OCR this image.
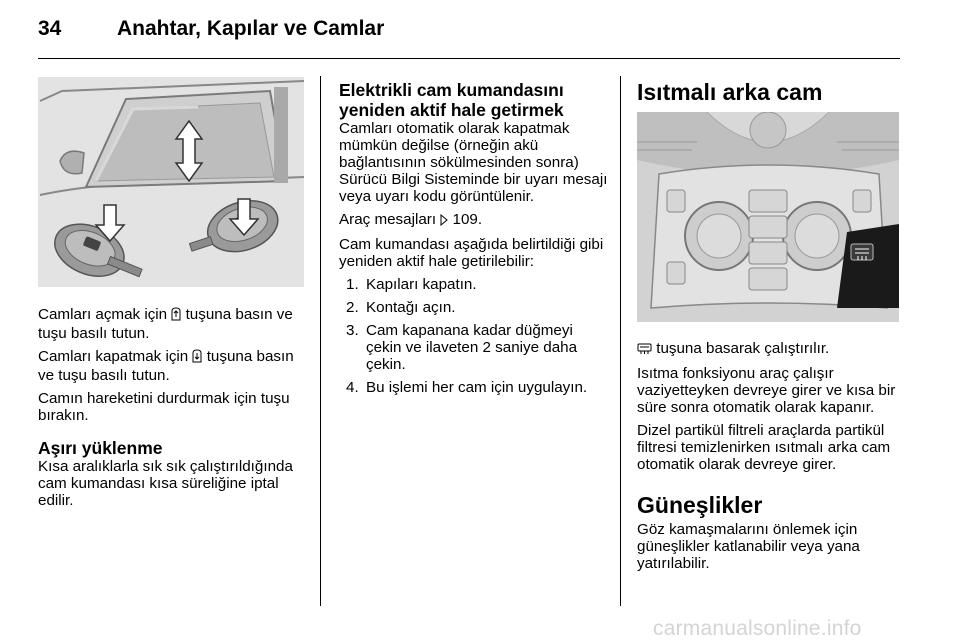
34	Anahtar, Kapılar ve Camlar

Camları açmak için  tuşuna basın ve tuşu basılı tutun.

Camları kapatmak için  tuşuna basın ve tuşu basılı tutun.

Camın hareketini durdurmak için tuşu bırakın.

Aşırı yüklenme

Kısa aralıklarla sık sık çalıştırıldığında cam kumandası kısa süreliğine iptal edilir.

Elektrikli cam kumandasını yeniden aktif hale getirmek

Camları otomatik olarak kapatmak mümkün değilse (örneğin akü bağlantısının sökülmesinden sonra) Sürücü Bilgi Sisteminde bir uyarı mesajı veya uyarı kodu görüntülenir.

Araç mesajları  109.

Cam kumandası aşağıda belirtildiği gibi yeniden aktif hale getirilebilir:

1. Kapıları kapatın.
2. Kontağı açın.
3. Cam kapanana kadar düğmeyi çekin ve ilaveten 2 saniye daha çekin.
4. Bu işlemi her cam için uygulayın.
Isıtmalı arka cam

tuşuna basarak çalıştırılır.

Isıtma fonksiyonu araç çalışır vaziyetteyken devreye girer ve kısa bir süre sonra otomatik olarak kapanır.

Dizel partikül filtreli araçlarda partikül filtresi temizlenirken ısıtmalı arka cam otomatik olarak devreye girer.

Güneşlikler

Göz kamaşmalarını önlemek için güneşlikler katlanabilir veya yana yatırılabilir.

carmanualsonline.info
